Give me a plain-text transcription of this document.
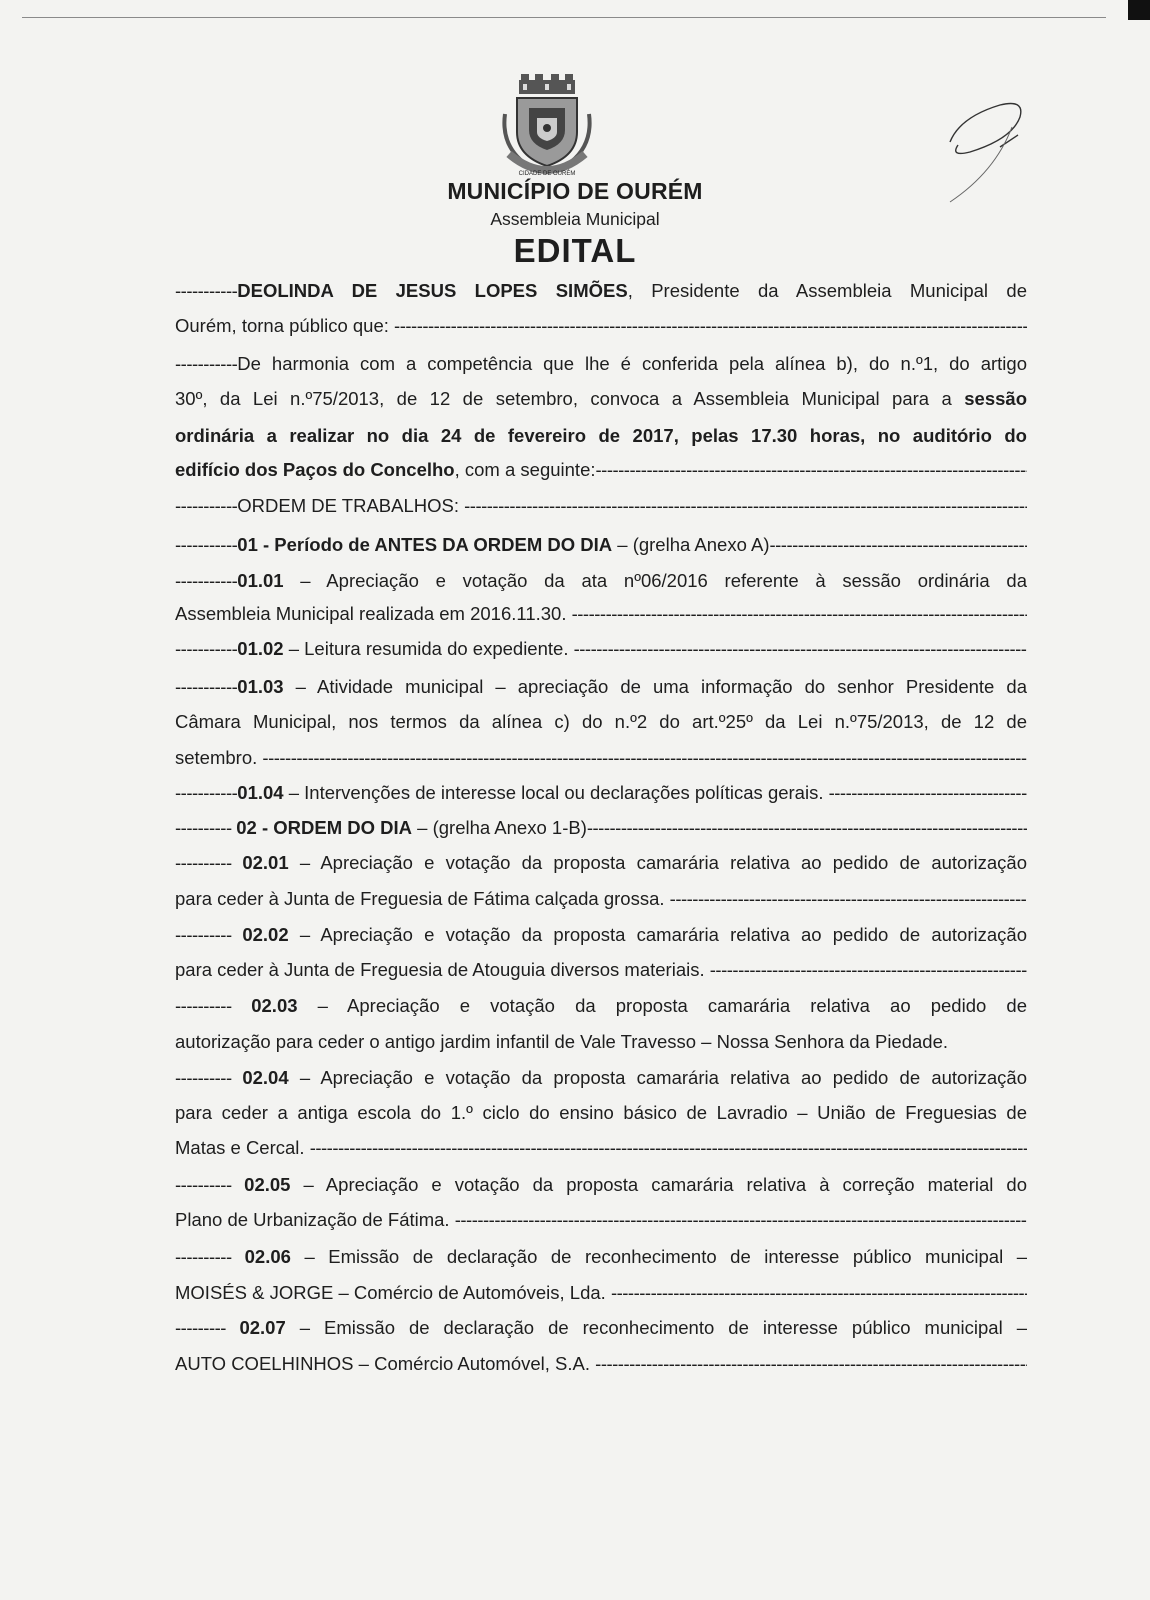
CIDADE DE OURÉM
MUNICÍPIO DE OURÉM
Assembleia Municipal
EDITAL
-----------DEOLINDA DE JESUS LOPES SIMÕES, Presidente da Assembleia Municipal de
Ourém, torna público que: -----
-----------De harmonia com a competência que lhe é conferida pela alínea b), do n.º1, do artigo
30º, da Lei n.º75/2013, de 12 de setembro, convoca a Assembleia Municipal para a sessão
ordinária a realizar no dia 24 de fevereiro de 2017, pelas 17.30 horas, no auditório do
edifício dos Paços do Concelho, com a seguinte: -----
-----------ORDEM DE TRABALHOS: -----
-----------01 - Período de ANTES DA ORDEM DO DIA – (grelha Anexo A) -----
-----------01.01 – Apreciação e votação da ata nº06/2016 referente à sessão ordinária da
Assembleia Municipal realizada em 2016.11.30. -----
-----------01.02 – Leitura resumida do expediente. -----
-----------01.03 – Atividade municipal – apreciação de uma informação do senhor Presidente da
Câmara Municipal, nos termos da alínea c) do n.º2 do art.º25º da Lei n.º75/2013, de 12 de
setembro. -----
-----------01.04 – Intervenções de interesse local ou declarações políticas gerais. -----
---------- 02 - ORDEM DO DIA – (grelha Anexo 1-B) -----
---------- 02.01 – Apreciação e votação da proposta camarária relativa ao pedido de autorização
para ceder à Junta de Freguesia de Fátima calçada grossa. -----
---------- 02.02 – Apreciação e votação da proposta camarária relativa ao pedido de autorização
para ceder à Junta de Freguesia de Atouguia diversos materiais. -----
---------- 02.03 – Apreciação e votação da proposta camarária relativa ao pedido de
autorização para ceder o antigo jardim infantil de Vale Travesso – Nossa Senhora da Piedade.
---------- 02.04 – Apreciação e votação da proposta camarária relativa ao pedido de autorização
para ceder a antiga escola do 1.º ciclo do ensino básico de Lavradio – União de Freguesias de
Matas e Cercal. -----
---------- 02.05 – Apreciação e votação da proposta camarária relativa à correção material do
Plano de Urbanização de Fátima. -----
---------- 02.06 – Emissão de declaração de reconhecimento de interesse público municipal –
MOISÉS & JORGE – Comércio de Automóveis, Lda. -----
--------- 02.07 – Emissão de declaração de reconhecimento de interesse público municipal –
AUTO COELHINHOS – Comércio Automóvel, S.A. -----
